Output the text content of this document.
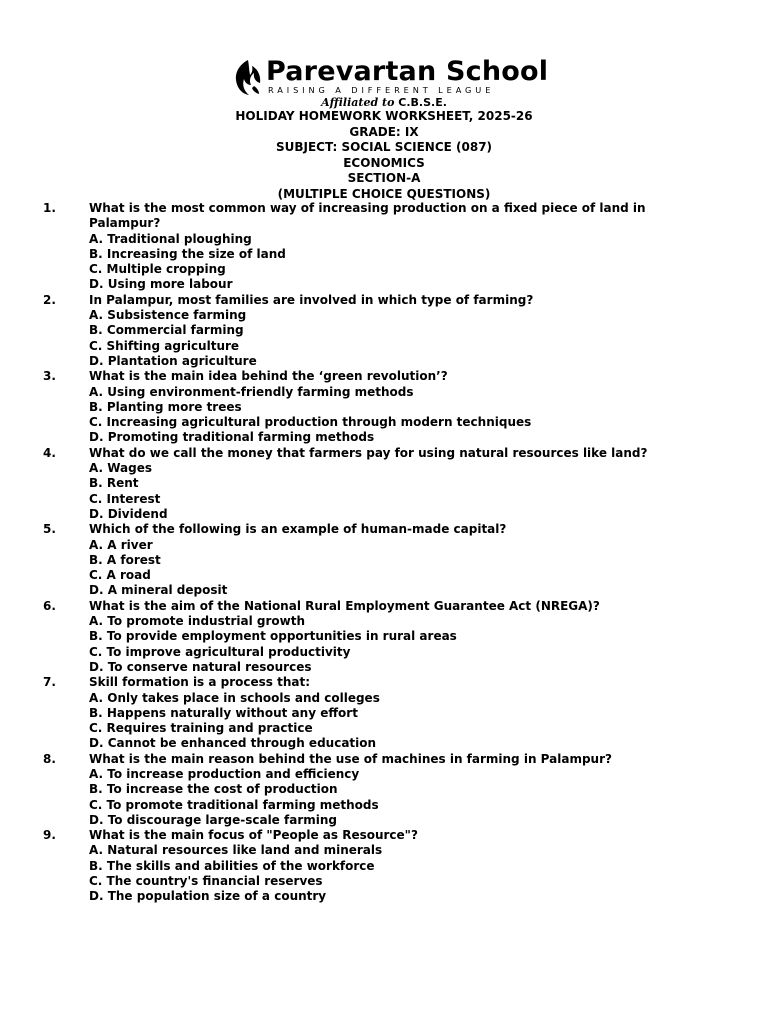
Parevartan School
RAISING A DIFFERENT LEAGUE
Affiliated to C.B.S.E.
HOLIDAY HOMEWORK WORKSHEET, 2025-26
GRADE: IX
SUBJECT: SOCIAL SCIENCE (087)
ECONOMICS
SECTION-A
(MULTIPLE CHOICE QUESTIONS)
1.	What is the most common way of increasing production on a fixed piece of land in Palampur?
A. Traditional ploughing
B. Increasing the size of land
C. Multiple cropping
D. Using more labour
2.	In Palampur, most families are involved in which type of farming?
A. Subsistence farming
B. Commercial farming
C. Shifting agriculture
D. Plantation agriculture
3.	What is the main idea behind the ‘green revolution’?
A. Using environment-friendly farming methods
B. Planting more trees
C. Increasing agricultural production through modern techniques
D. Promoting traditional farming methods
4.	What do we call the money that farmers pay for using natural resources like land?
A. Wages
B. Rent
C. Interest
D. Dividend
5.	Which of the following is an example of human-made capital?
A. A river
B. A forest
C. A road
D. A mineral deposit
6.	What is the aim of the National Rural Employment Guarantee Act (NREGA)?
A. To promote industrial growth
B. To provide employment opportunities in rural areas
C. To improve agricultural productivity
D. To conserve natural resources
7.	Skill formation is a process that:
A. Only takes place in schools and colleges
B. Happens naturally without any effort
C. Requires training and practice
D. Cannot be enhanced through education
8.	What is the main reason behind the use of machines in farming in Palampur?
A. To increase production and efficiency
B. To increase the cost of production
C. To promote traditional farming methods
D. To discourage large-scale farming
9.	What is the main focus of "People as Resource"?
A. Natural resources like land and minerals
B. The skills and abilities of the workforce
C. The country's financial reserves
D. The population size of a country
